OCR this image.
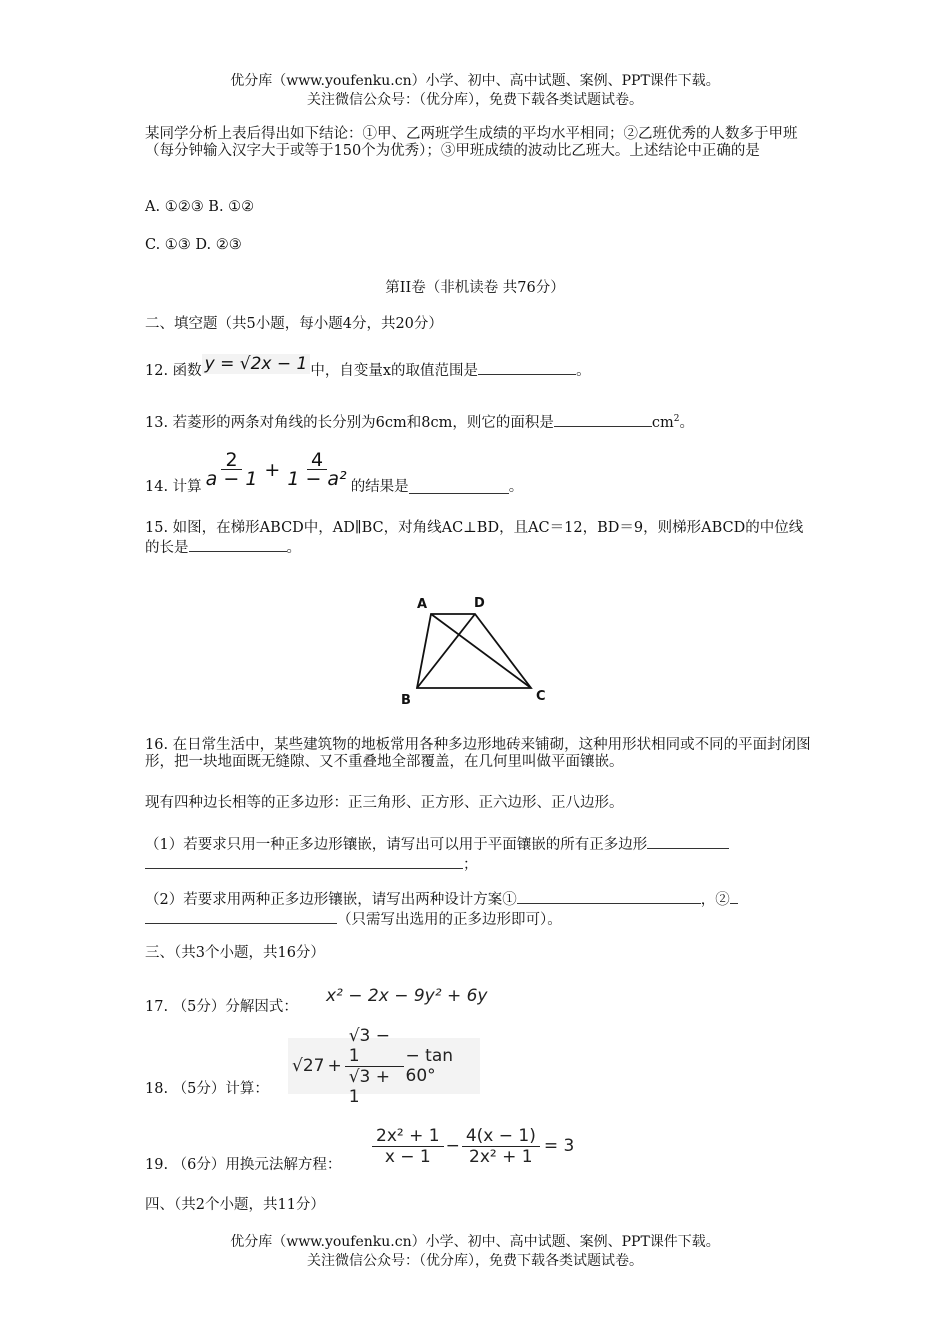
优分库（www.youfenku.cn）小学、初中、高中试题、案例、PPT课件下载。
关注微信公众号：（优分库），免费下载各类试题试卷。
某同学分析上表后得出如下结论：①甲、乙两班学生成绩的平均水平相同；②乙班优秀的人数多于甲班（每分钟输入汉字大于或等于150个为优秀）；③甲班成绩的波动比乙班大。上述结论中正确的是
A. ①②③ B. ①②
C. ①③ D. ②③
第II卷（非机读卷 共76分）
二、填空题（共5小题，每小题4分，共20分）
12. 函数 y = √2x − 1 中，自变量x的取值范围是	。
13. 若菱形的两条对角线的长分别为6cm和8cm，则它的面积是	$cm^2$。
14. 计算 $\frac{2}{a - 1} + \frac{4}{\text{1 − a²}}$ 的结果是	。
15. 如图，在梯形ABCD中，AD∥BC，对角线AC⊥BD，且AC＝12，BD＝9，则梯形ABCD的中位线的长是	。
A	D
B	C
16. 在日常生活中，某些建筑物的地板常用各种多边形地砖来铺砌，这种用形状相同或不同的平面封闭图形，把一块地面既无缝隙、又不重叠地全部覆盖，在几何里叫做平面镶嵌。
现有四种边长相等的正多边形：正三角形、正方形、正六边形、正八边形。
（1）若要求只用一种正多边形镶嵌，请写出可以用于平面镶嵌的所有正多边形
；
（2）若要求用两种正多边形镶嵌，请写出两种设计方案①	，②
（只需写出选用的正多边形即可）。
三、（共3个小题，共16分）
17. （5分）分解因式：
x² − 2x − 9y² + 6y
18. （5分）计算：
$√27 + \frac{√3 - 1}{√3 + 1} - \tan 60^\circ$
19. （6分）用换元法解方程： $\frac{\text{2x² + 1}}{x - 1} - \frac{4(x - 1)}{\text{2x² + 1}} = 3$
四、（共2个小题，共11分）
优分库（www.youfenku.cn）小学、初中、高中试题、案例、PPT课件下载。
关注微信公众号：（优分库），免费下载各类试题试卷。
